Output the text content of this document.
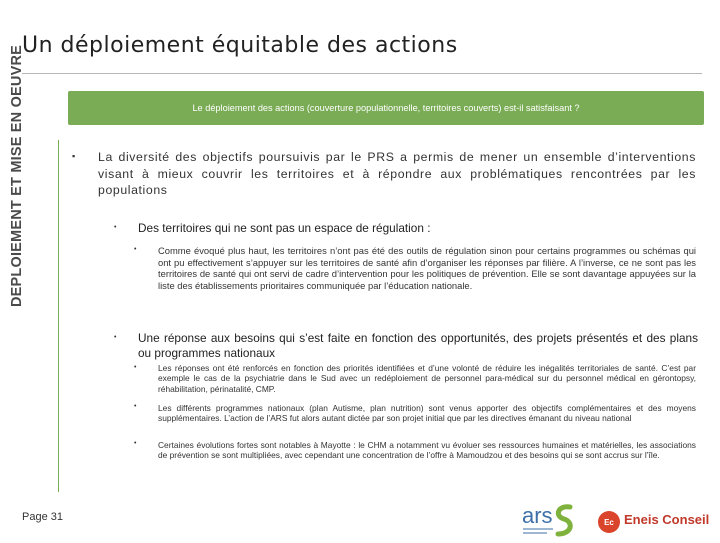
Un déploiement équitable des actions
Le déploiement des actions (couverture populationnelle, territoires couverts) est-il satisfaisant ?
DEPLOIEMENT ET MISE EN OEUVRE	▪ La diversité des objectifs poursuivis par le PRS a permis de mener un ensemble d’interventions visant à mieux couvrir les territoires et à répondre aux problématiques rencontrées par les populations
• Des territoires qui ne sont pas un espace de régulation :
• Comme évoqué plus haut, les territoires n’ont pas été des outils de régulation sinon pour certains programmes ou schémas qui ont pu effectivement s’appuyer sur les territoires de santé afin d’organiser les réponses par filière. A l’inverse, ce ne sont pas les territoires de santé qui ont servi de cadre d’intervention pour les politiques de prévention. Elle se sont davantage appuyées sur la liste des établissements prioritaires communiquée par l’éducation nationale.
• Une réponse aux besoins qui s’est faite en fonction des opportunités, des projets présentés et des plans ou programmes nationaux
•	Les réponses ont été renforcés en fonction des priorités identifiées et d’une volonté de réduire les inégalités territoriales de santé. C’est par exemple le cas de la psychiatrie dans le Sud avec un redéploiement de personnel para-médical sur du personnel médical en gérontopsy, réhabilitation, périnatalité, CMP.
•	Les différents programmes nationaux (plan Autisme, plan nutrition) sont venus apporter des objectifs complémentaires et des moyens supplémentaires. L’action de l’ARS fut alors autant dictée par son projet initial que par les directives émanant du niveau national
•	Certaines évolutions fortes sont notables à Mayotte : le CHM a notamment vu évoluer ses ressources humaines et matérielles, les associations de prévention se sont multipliées, avec cependant une concentration de l’offre à Mamoudzou et des besoins qui se sont accrus sur l’île.
Page 31	ars	Ec Eneis Conseil
